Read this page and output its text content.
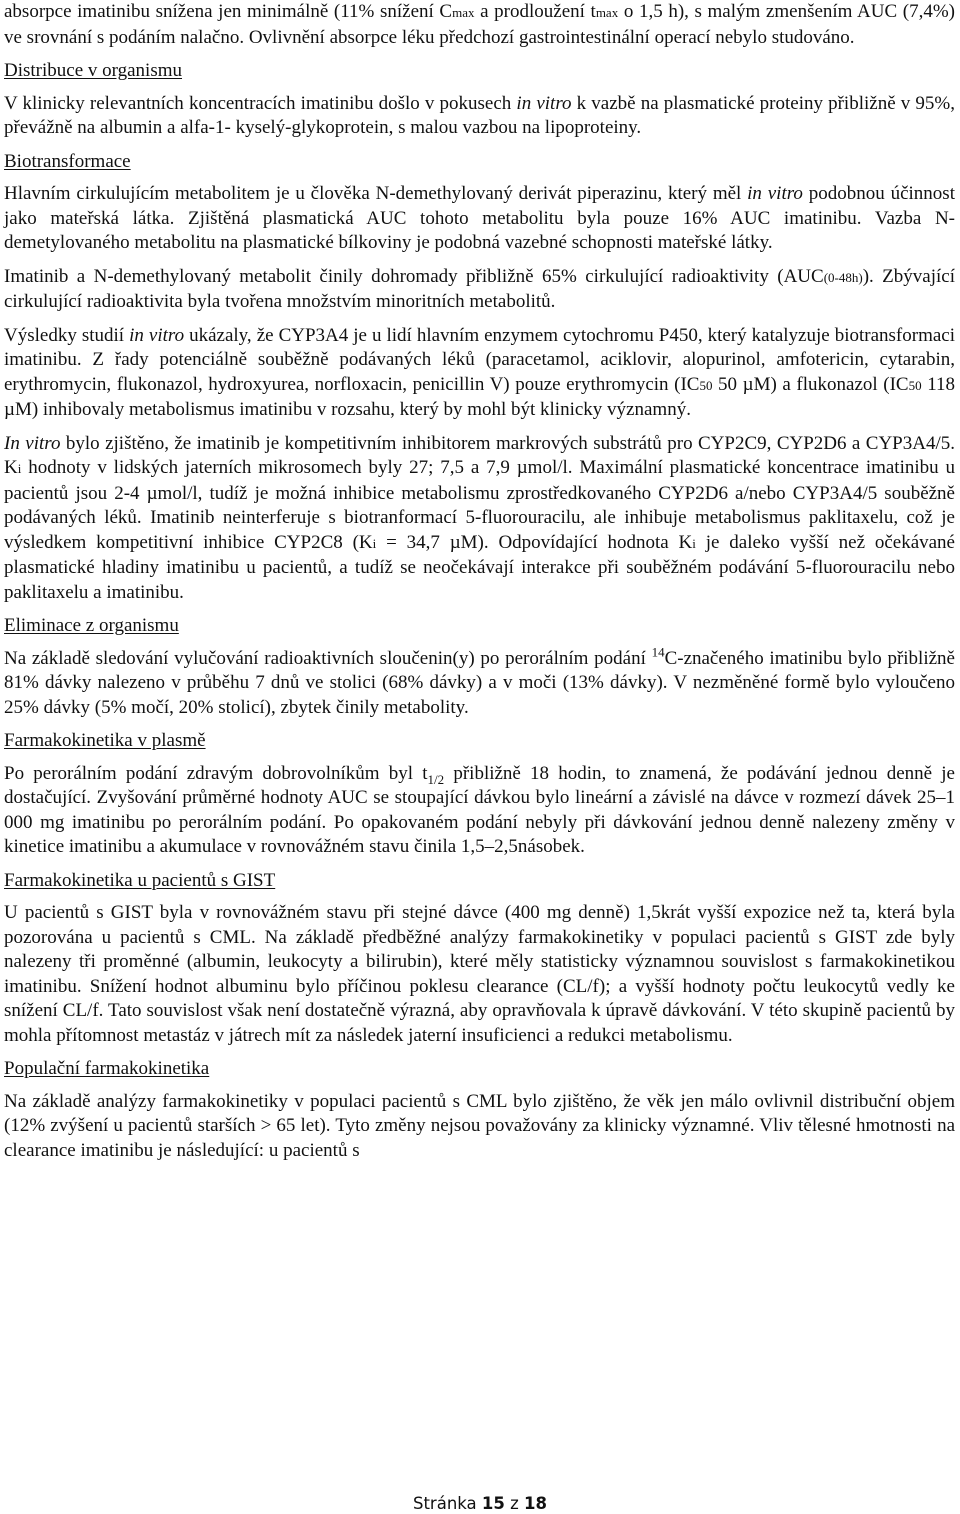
absorpce imatinibu snížena jen minimálně (11% snížení Cmax a prodloužení tmax o 1,5 h), s malým zmenšením AUC (7,4%) ve srovnání s podáním nalačno. Ovlivnění absorpce léku předchozí gastrointestinální operací nebylo studováno.

Distribuce v organismu

V klinicky relevantních koncentracích imatinibu došlo v pokusech in vitro k vazbě na plasmatické proteiny přibližně v 95%, převážně na albumin a alfa-1- kyselý-glykoprotein, s malou vazbou na lipoproteiny.

Biotransformace

Hlavním cirkulujícím metabolitem je u člověka N-demethylovaný derivát piperazinu, který měl in vitro podobnou účinnost jako mateřská látka. Zjištěná plasmatická AUC tohoto metabolitu byla pouze 16% AUC imatinibu. Vazba N-demetylovaného metabolitu na plasmatické bílkoviny je podobná vazebné schopnosti mateřské látky.

Imatinib a N-demethylovaný metabolit činily dohromady přibližně 65% cirkulující radioaktivity (AUC(0-48h)). Zbývající cirkulující radioaktivita byla tvořena množstvím minoritních metabolitů.

Výsledky studií in vitro ukázaly, že CYP3A4 je u lidí hlavním enzymem cytochromu P450, který katalyzuje biotransformaci imatinibu. Z řady potenciálně souběžně podávaných léků (paracetamol, aciklovir, alopurinol, amfotericin, cytarabin, erythromycin, flukonazol, hydroxyurea, norfloxacin, penicillin V) pouze erythromycin (IC50 50 µM) a flukonazol (IC50 118 µM) inhibovaly metabolismus imatinibu v rozsahu, který by mohl být klinicky významný.

In vitro bylo zjištěno, že imatinib je kompetitivním inhibitorem markrových substrátů pro CYP2C9, CYP2D6 a CYP3A4/5. Ki hodnoty v lidských jaterních mikrosomech byly 27; 7,5 a 7,9 µmol/l. Maximální plasmatické koncentrace imatinibu u pacientů jsou 2-4 µmol/l, tudíž je možná inhibice metabolismu zprostředkovaného CYP2D6 a/nebo CYP3A4/5 souběžně podávaných léků. Imatinib neinterferuje s biotranformací 5-fluorouracilu, ale inhibuje metabolismus paklitaxelu, což je výsledkem kompetitivní inhibice CYP2C8 (Ki = 34,7 µM). Odpovídající hodnota Ki je daleko vyšší než očekávané plasmatické hladiny imatinibu u pacientů, a tudíž se neočekávají interakce při souběžném podávání 5-fluorouracilu nebo paklitaxelu a imatinibu.

Eliminace z organismu

Na základě sledování vylučování radioaktivních sloučenin(y) po perorálním podání $^{14}$C-značeného imatinibu bylo přibližně 81% dávky nalezeno v průběhu 7 dnů ve stolici (68% dávky) a v moči (13% dávky). V nezměněné formě bylo vyloučeno 25% dávky (5% močí, 20% stolicí), zbytek činily metabolity.

Farmakokinetika v plasmě

Po perorálním podání zdravým dobrovolníkům byl $t_{1/2}$ přibližně 18 hodin, to znamená, že podávání jednou denně je dostačující. Zvyšování průměrné hodnoty AUC se stoupající dávkou bylo lineární a závislé na dávce v rozmezí dávek 25–1 000 mg imatinibu po perorálním podání. Po opakovaném podání nebyly při dávkování jednou denně nalezeny změny v kinetice imatinibu a akumulace v rovnovážném stavu činila 1,5–2,5násobek.

Farmakokinetika u pacientů s GIST

U pacientů s GIST byla v rovnovážném stavu při stejné dávce (400 mg denně) 1,5krát vyšší expozice než ta, která byla pozorována u pacientů s CML. Na základě předběžné analýzy farmakokinetiky v populaci pacientů s GIST zde byly nalezeny tři proměnné (albumin, leukocyty a bilirubin), které měly statisticky významnou souvislost s farmakokinetikou imatinibu. Snížení hodnot albuminu bylo příčinou poklesu clearance (CL/f); a vyšší hodnoty počtu leukocytů vedly ke snížení CL/f. Tato souvislost však není dostatečně výrazná, aby opravňovala k úpravě dávkování. V této skupině pacientů by mohla přítomnost metastáz v játrech mít za následek jaterní insuficienci a redukci metabolismu.

Populační farmakokinetika

Na základě analýzy farmakokinetiky v populaci pacientů s CML bylo zjištěno, že věk jen málo ovlivnil distribuční objem (12% zvýšení u pacientů starších > 65 let). Tyto změny nejsou považovány za klinicky významné. Vliv tělesné hmotnosti na clearance imatinibu je následující: u pacientů s

Stránka 15 z 18
